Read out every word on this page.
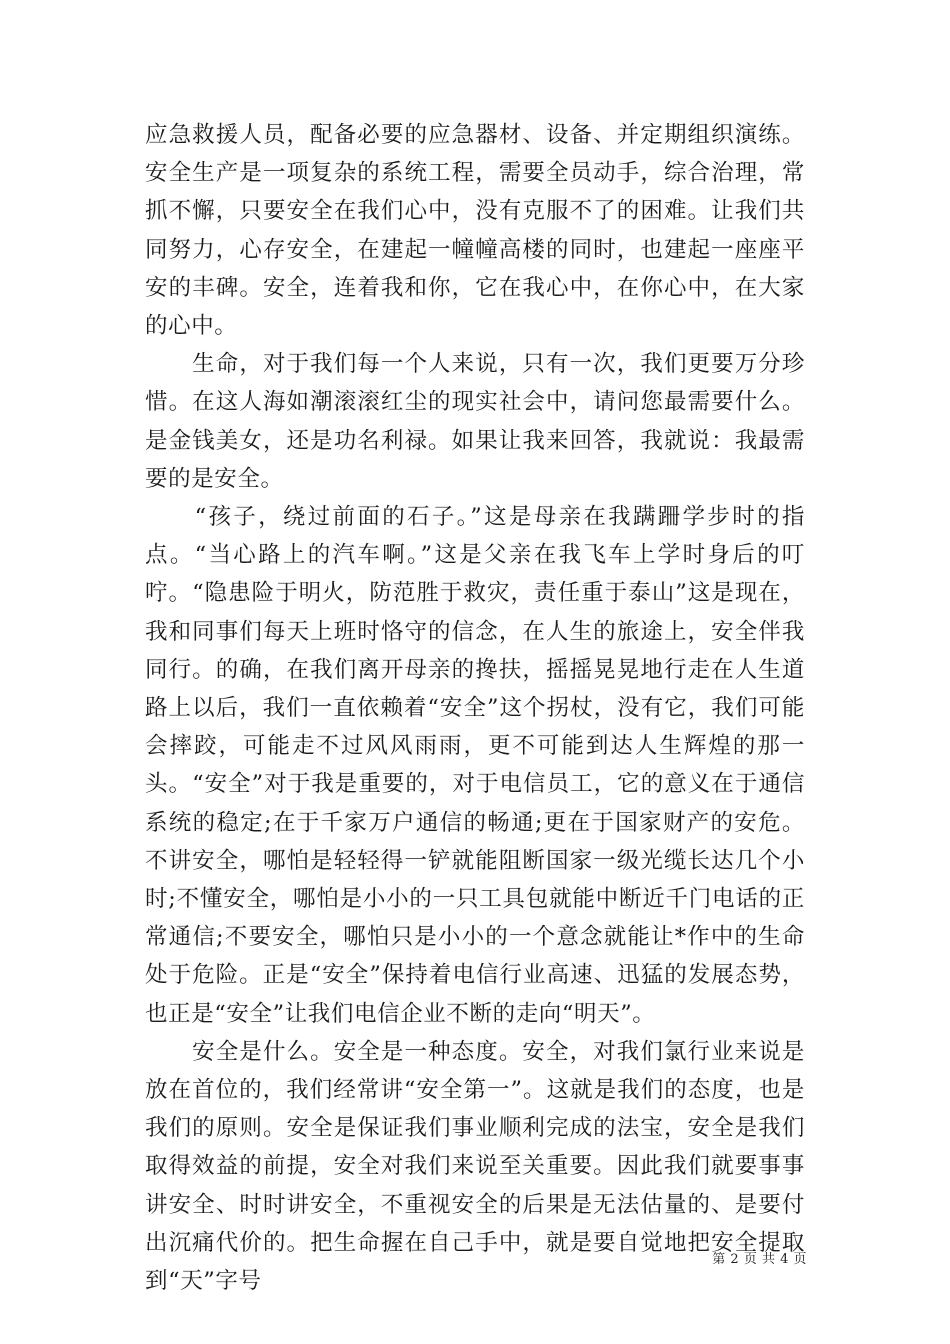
应急救援人员，配备必要的应急器材、设备、并定期组织演练。安全生产是一项复杂的系统工程，需要全员动手，综合治理，常抓不懈，只要安全在我们心中，没有克服不了的困难。让我们共同努力，心存安全，在建起一幢幢高楼的同时，也建起一座座平安的丰碑。安全，连着我和你，它在我心中，在你心中，在大家的心中。

　　生命，对于我们每一个人来说，只有一次，我们更要万分珍惜。在这人海如潮滚滚红尘的现实社会中，请问您最需要什么。是金钱美女，还是功名利禄。如果让我来回答，我就说：我最需要的是安全。

　　“孩子，绕过前面的石子。”这是母亲在我蹒跚学步时的指点。“当心路上的汽车啊。”这是父亲在我飞车上学时身后的叮咛。“隐患险于明火，防范胜于救灾，责任重于泰山”这是现在，我和同事们每天上班时恪守的信念，在人生的旅途上，安全伴我同行。的确，在我们离开母亲的搀扶，摇摇晃晃地行走在人生道路上以后，我们一直依赖着“安全”这个拐杖，没有它，我们可能会摔跤，可能走不过风风雨雨，更不可能到达人生辉煌的那一头。“安全”对于我是重要的，对于电信员工，它的意义在于通信系统的稳定;在于千家万户通信的畅通;更在于国家财产的安危。不讲安全，哪怕是轻轻得一铲就能阻断国家一级光缆长达几个小时;不懂安全，哪怕是小小的一只工具包就能中断近千门电话的正常通信;不要安全，哪怕只是小小的一个意念就能让*作中的生命处于危险。正是“安全”保持着电信行业高速、迅猛的发展态势，也正是“安全”让我们电信企业不断的走向“明天”。

　　安全是什么。安全是一种态度。安全，对我们氯行业来说是放在首位的，我们经常讲“安全第一”。这就是我们的态度，也是我们的原则。安全是保证我们事业顺利完成的法宝，安全是我们取得效益的前提，安全对我们来说至关重要。因此我们就要事事讲安全、时时讲安全，不重视安全的后果是无法估量的、是要付出沉痛代价的。把生命握在自己手中，就是要自觉地把安全提取到“天”字号

第 2 页 共 4 页
